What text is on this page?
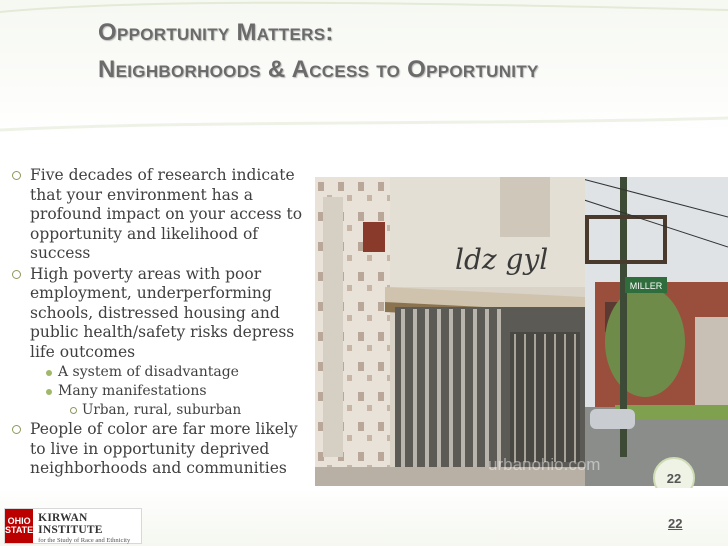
Opportunity Matters:
Neighborhoods & Access to Opportunity
Five decades of research indicate that your environment has a profound impact on your access to opportunity and likelihood of success
High poverty areas with poor employment, underperforming schools, distressed housing and public health/safety risks depress life outcomes
A system of disadvantage
Many manifestations
Urban, rural, suburban
People of color are far more likely to live in opportunity deprived neighborhoods and communities
MILLER
ldz gyl
urbanohio.com
22
OHIO
STATE
KIRWAN INSTITUTE
for the Study of Race and Ethnicity
22
